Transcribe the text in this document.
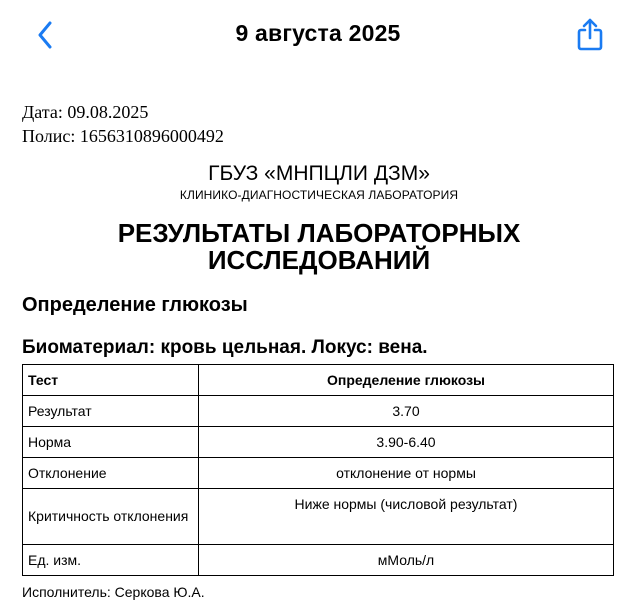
9 августа 2025
Дата: 09.08.2025
Полис: 1656310896000492
ГБУЗ «МНПЦЛИ ДЗМ»
КЛИНИКО-ДИАГНОСТИЧЕСКАЯ ЛАБОРАТОРИЯ
РЕЗУЛЬТАТЫ ЛАБОРАТОРНЫХ
ИССЛЕДОВАНИЙ
Определение глюкозы
Биоматериал: кровь цельная. Локус: вена.
Тест	Определение глюкозы
Результат	3.70
Норма	3.90-6.40
Отклонение	отклонение от нормы
Критичность отклонения	Ниже нормы (числовой результат)
Ед. изм.	мМоль/л
Исполнитель: Серкова Ю.А.
